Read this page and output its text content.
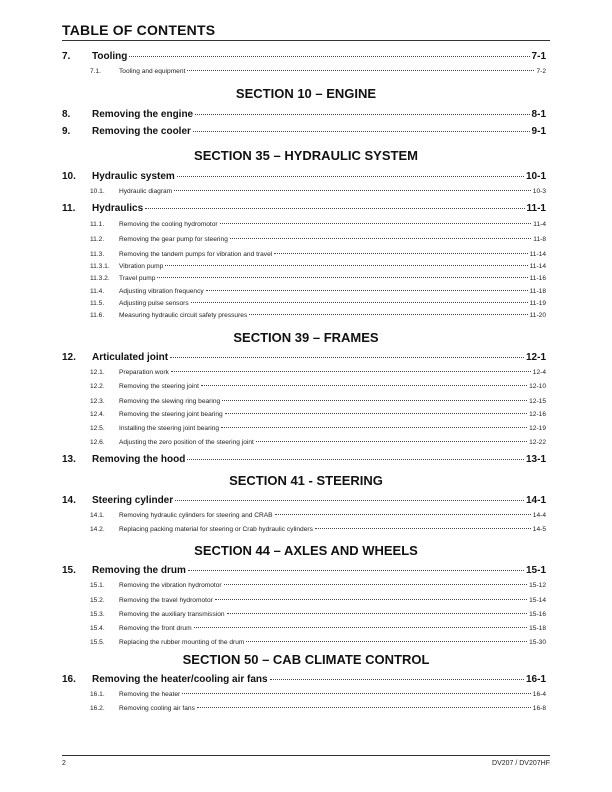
TABLE OF CONTENTS
7.	Tooling	7-1
7.1.	Tooling and equipment	7-2
SECTION 10 – ENGINE
8.	Removing the engine	8-1
9.	Removing the cooler	9-1
SECTION 35 – HYDRAULIC SYSTEM
10.	Hydraulic system	10-1
10.1.	Hydraulic diagram	10-3
11.	Hydraulics	11-1
11.1.	Removing the cooling hydromotor	11-4
11.2.	Removing the gear pump for steering	11-8
11.3.	Removing the tandem pumps for vibration and travel	11-14
11.3.1.	Vibration pump	11-14
11.3.2.	Travel pump	11-16
11.4.	Adjusting vibration frequency	11-18
11.5.	Adjusting pulse sensors	11-19
11.6.	Measuring hydraulic circuit safety pressures	11-20
SECTION 39 – FRAMES
12.	Articulated joint	12-1
12.1.	Preparation work	12-4
12.2.	Removing the steering joint	12-10
12.3.	Removing the slewing ring bearing	12-15
12.4.	Removing the steering joint bearing	12-16
12.5.	Installing the steering joint bearing	12-19
12.6.	Adjusting the zero position of the steering joint	12-22
13.	Removing the hood	13-1
SECTION 41 - STEERING
14.	Steering cylinder	14-1
14.1.	Removing hydraulic cylinders for steering and CRAB	14-4
14.2.	Replacing packing material for steering or Crab hydraulic cylinders	14-5
SECTION 44 – AXLES AND WHEELS
15.	Removing the drum	15-1
15.1.	Removing the vibration hydromotor	15-12
15.2.	Removing the travel hydromotor	15-14
15.3.	Removing the auxiliary transmission	15-16
15.4.	Removing the front drum	15-18
15.5.	Replacing the rubber mounting of the drum	15-30
SECTION 50 – CAB CLIMATE CONTROL
16.	Removing the heater/cooling air fans	16-1
16.1.	Removing the heater	16-4
16.2.	Removing cooling air fans	16-8
2	DV207 / DV207HF
